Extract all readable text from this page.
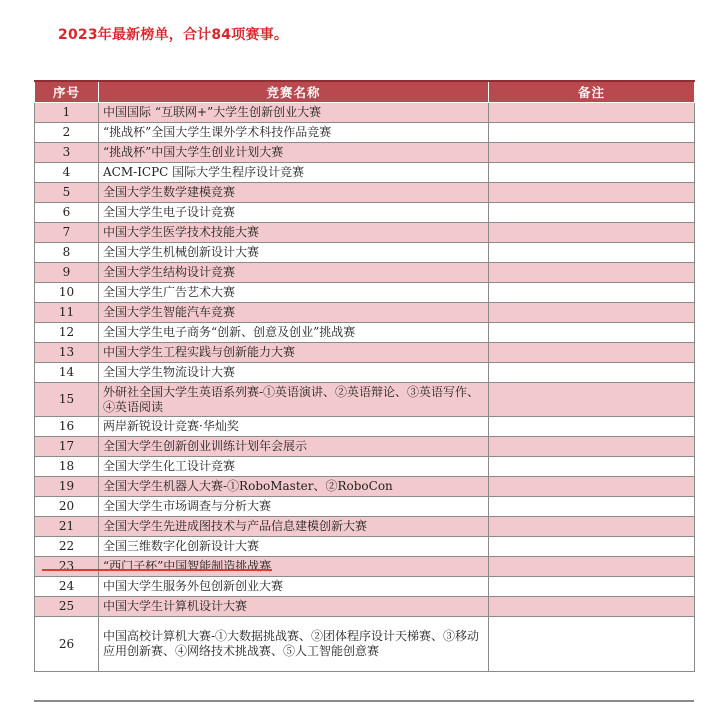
2023年最新榜单，合计84项赛事。
序号	竞赛名称	备注
1	中国国际 “互联网+”大学生创新创业大赛	
2	“挑战杯”全国大学生课外学术科技作品竞赛	
3	“挑战杯”中国大学生创业计划大赛	
4	ACM-ICPC 国际大学生程序设计竞赛	
5	全国大学生数学建模竞赛	
6	全国大学生电子设计竞赛	
7	中国大学生医学技术技能大赛	
8	全国大学生机械创新设计大赛	
9	全国大学生结构设计竞赛	
10	全国大学生广告艺术大赛	
11	全国大学生智能汽车竞赛	
12	全国大学生电子商务“创新、创意及创业”挑战赛	
13	中国大学生工程实践与创新能力大赛	
14	全国大学生物流设计大赛	
15	外研社全国大学生英语系列赛-①英语演讲、②英语辩论、③英语写作、④英语阅读	
16	两岸新锐设计竞赛·华灿奖	
17	全国大学生创新创业训练计划年会展示	
18	全国大学生化工设计竞赛	
19	全国大学生机器人大赛-①RoboMaster、②RoboCon	
20	全国大学生市场调查与分析大赛	
21	全国大学生先进成图技术与产品信息建模创新大赛	
22	全国三维数字化创新设计大赛	
23	“西门子杯”中国智能制造挑战赛	
24	中国大学生服务外包创新创业大赛	
25	中国大学生计算机设计大赛	
26	中国高校计算机大赛-①大数据挑战赛、②团体程序设计天梯赛、③移动应用创新赛、④网络技术挑战赛、⑤人工智能创意赛	
